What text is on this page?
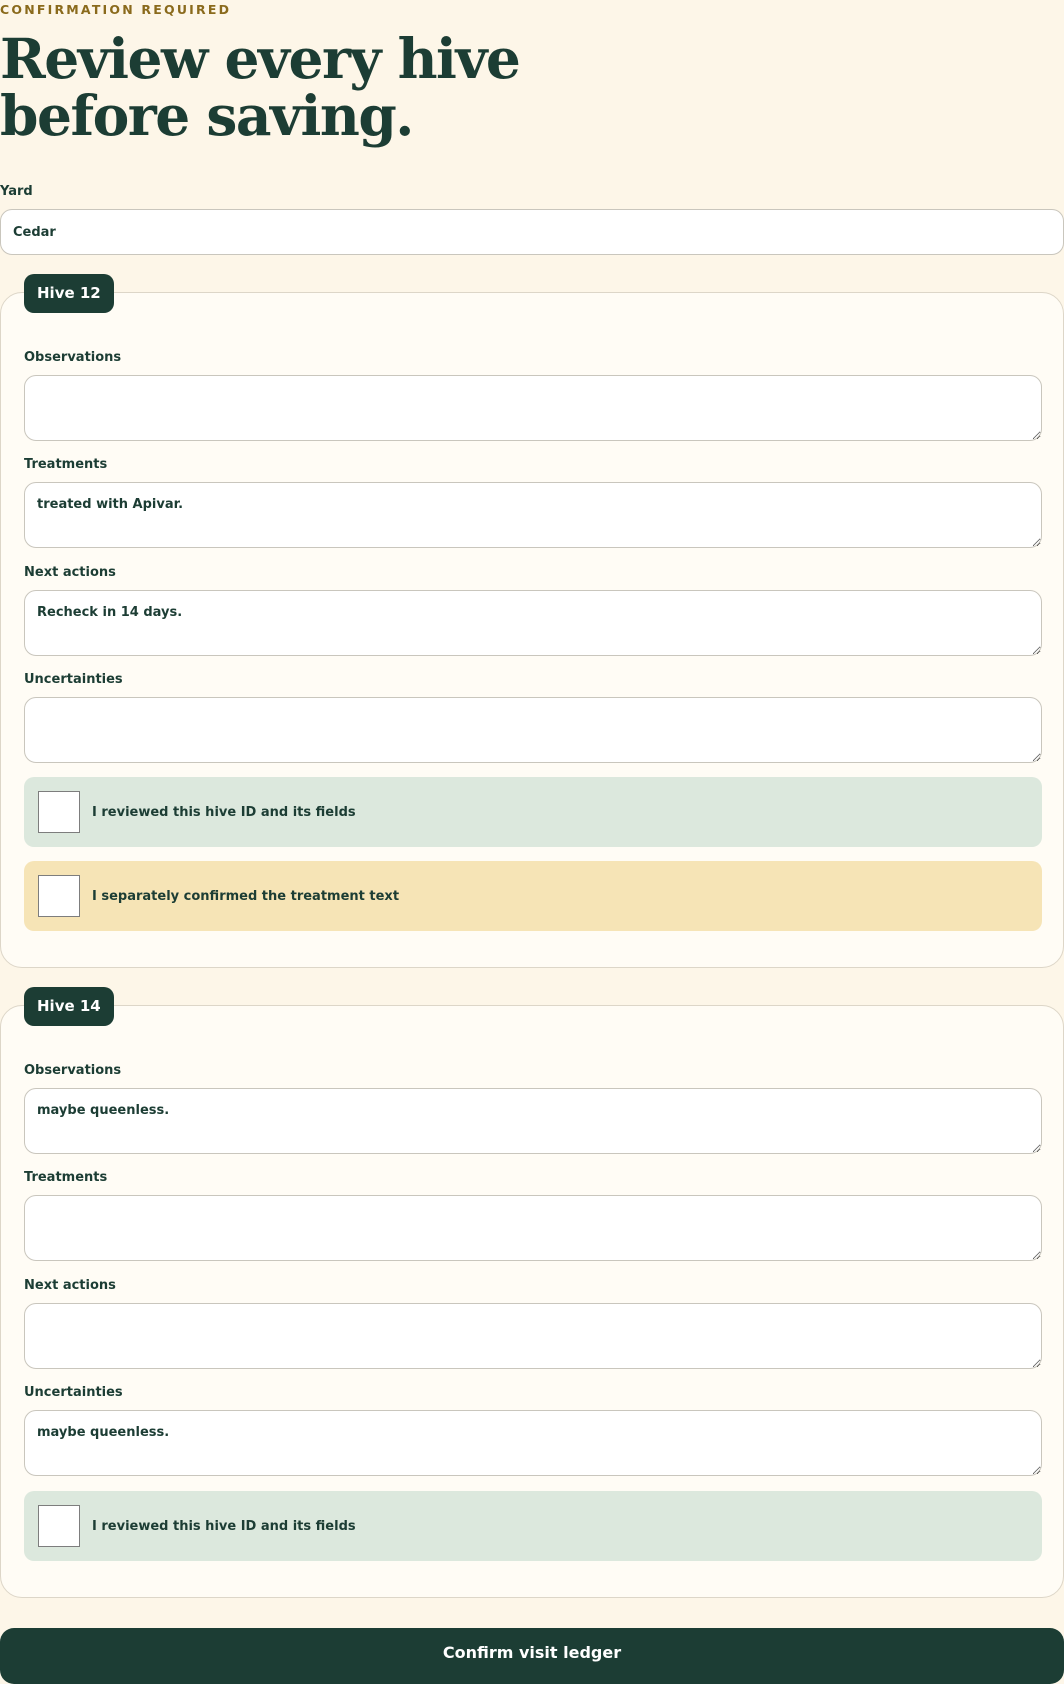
CONFIRMATION REQUIRED
Review every hive before saving.
Yard
Cedar
Hive 12
Observations
Treatments
treated with Apivar.
Next actions
Recheck in 14 days.
Uncertainties
I reviewed this hive ID and its fields
I separately confirmed the treatment text
Hive 14
Observations
maybe queenless.
Treatments
Next actions
Uncertainties
maybe queenless.
I reviewed this hive ID and its fields
Confirm visit ledger
